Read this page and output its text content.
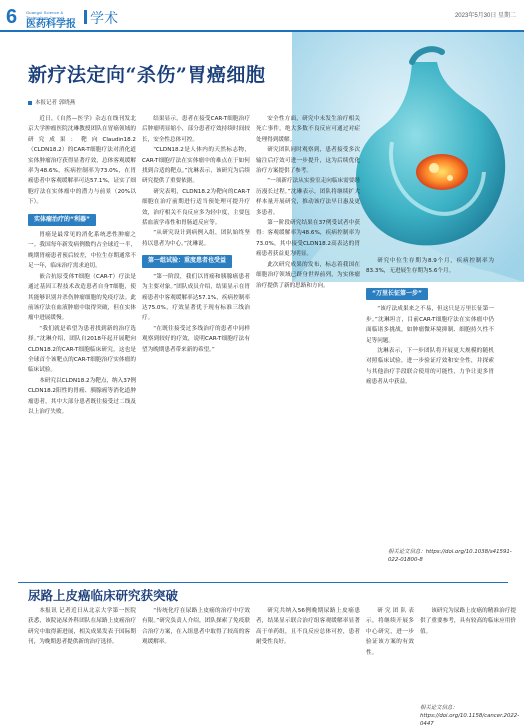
6 Guangxi Science & Technology Journal
医药科学报 学术	2023年5月30日 星期二
新疗法定向“杀伤”胃癌细胞
本报记者 郭晓燕

近日，《自然—医学》杂志在线刊发北京大学肿瘤医院沈琳教授团队在胃癌领域的研究成果：靶向Claudin18.2（CLDN18.2）的CAR-T细胞疗法对消化道实体肿瘤治疗获得显著疗效，总体客观缓解率为48.6%，疾病控制率为73.0%，在胃癌患者中客观缓解率可达57.1%，证实了细胞疗法在实体瘤中的潜力与前景（20%以下）。

实体瘤治疗的“利器”

胃癌是最常见的消化系统恶性肿瘤之一。我国每年新发病例数约占全球近一半，晚期胃癌患者预后较差，中位生存期通常不足一年，临床治疗需求迫切。

嵌合抗原受体T细胞（CAR-T）疗法是通过基因工程技术改造患者自身T细胞，使其能够识别并杀伤肿瘤细胞的免疫疗法。此前该疗法在血液肿瘤中取得突破，但在实体瘤中进展缓慢。

“我们就是希望为患者找到新的治疗选择。”沈琳介绍，团队自2018年起开展靶向CLDN18.2的CAR-T细胞临床研究，这也是全球首个该靶点的CAR-T细胞治疗实体瘤的临床试验。

本研究以CLDN18.2为靶点，纳入37例CLDN18.2阳性的胃癌、胰腺癌等消化道肿瘤患者，其中大部分患者既往接受过二线及以上治疗失败。

结果显示，患者在接受CAR-T细胞治疗后肿瘤明显缩小，部分患者疗效持续时间较长，安全性总体可控。

“CLDN18.2是人体内的天然标志物，CAR-T细胞疗法在实体瘤中的难点在于如何找到合适的靶点。”沈琳表示，该研究为后续研究提供了重要依据。

研究表明，CLDN18.2为靶向的CAR-T细胞在治疗前期进行适当预处理可提升疗效，治疗相关不良反应多为轻中度，主要包括血液学毒性和胃肠道反应等。

“从研究设计到病例入组，团队始终坚持以患者为中心。”沈琳说。

第一组试验：重度患者也受益

“第一阶段，我们以胃癌和胰腺癌患者为主要对象。”团队成员介绍，结果显示在胃癌患者中客观缓解率达57.1%，疾病控制率达75.0%，疗效显著优于现有标准三线治疗。

“在既往接受过多线治疗的患者中同样观察到较好的疗效，说明CAR-T细胞疗法有望为晚期患者带来新的希望。”

安全性方面，研究中未发生治疗相关死亡事件，绝大多数不良反应可通过对症处理得到缓解。

研究团队同时观察到，患者接受多次输注后疗效可进一步提升，这为后续优化治疗方案提供了参考。

“一项新疗法从实验室走向临床需要经历漫长过程。”沈琳表示，团队将继续扩大样本量开展研究，推动该疗法早日惠及更多患者。

第一阶段研究结果在37例受试者中获得：客观缓解率为48.6%，疾病控制率为73.0%，其中接受CLDN18.2高表达的胃癌患者获益更为明显。

此次研究成果的发布，标志着我国在细胞治疗领域已跻身世界前列，为实体瘤治疗提供了新的思路和方向。

研究中位生存期为8.9个月，疾病控制率为83.3%，无进展生存期为5.6个月。

“万里长征第一步”

“该疗法成果来之不易，但这只是万里长征第一步。”沈琳坦言，目前CAR-T细胞疗法在实体瘤中仍面临诸多挑战，如肿瘤微环境抑制、细胞持久性不足等问题。

沈琳表示，下一步团队将开展更大规模的随机对照临床试验，进一步验证疗效和安全性，并探索与其他治疗手段联合使用的可能性，力争让更多胃癌患者从中获益。

相关论文信息：https://doi.org/10.1038/s41591-022-01800-8
尿路上皮癌临床研究获突破

本报讯 记者近日从北京大学第一医院获悉，该院泌尿外科团队在尿路上皮癌治疗研究中取得新进展，相关成果发表于国际期刊，为晚期患者提供新的治疗选择。

“传统化疗在尿路上皮癌的治疗中疗效有限。”研究负责人介绍，团队探索了免疫联合治疗方案，在入组患者中取得了较高的客观缓解率。

研究共纳入56例晚期尿路上皮癌患者，结果显示联合治疗组客观缓解率显著高于单药组，且不良反应总体可控，患者耐受性良好。

研究团队表示，将继续开展多中心研究，进一步验证该方案的有效性。

该研究为尿路上皮癌的精准治疗提供了重要参考，具有较高的临床应用价值。

相关论文信息：https://doi.org/10.1158/cancer.2022-0447
